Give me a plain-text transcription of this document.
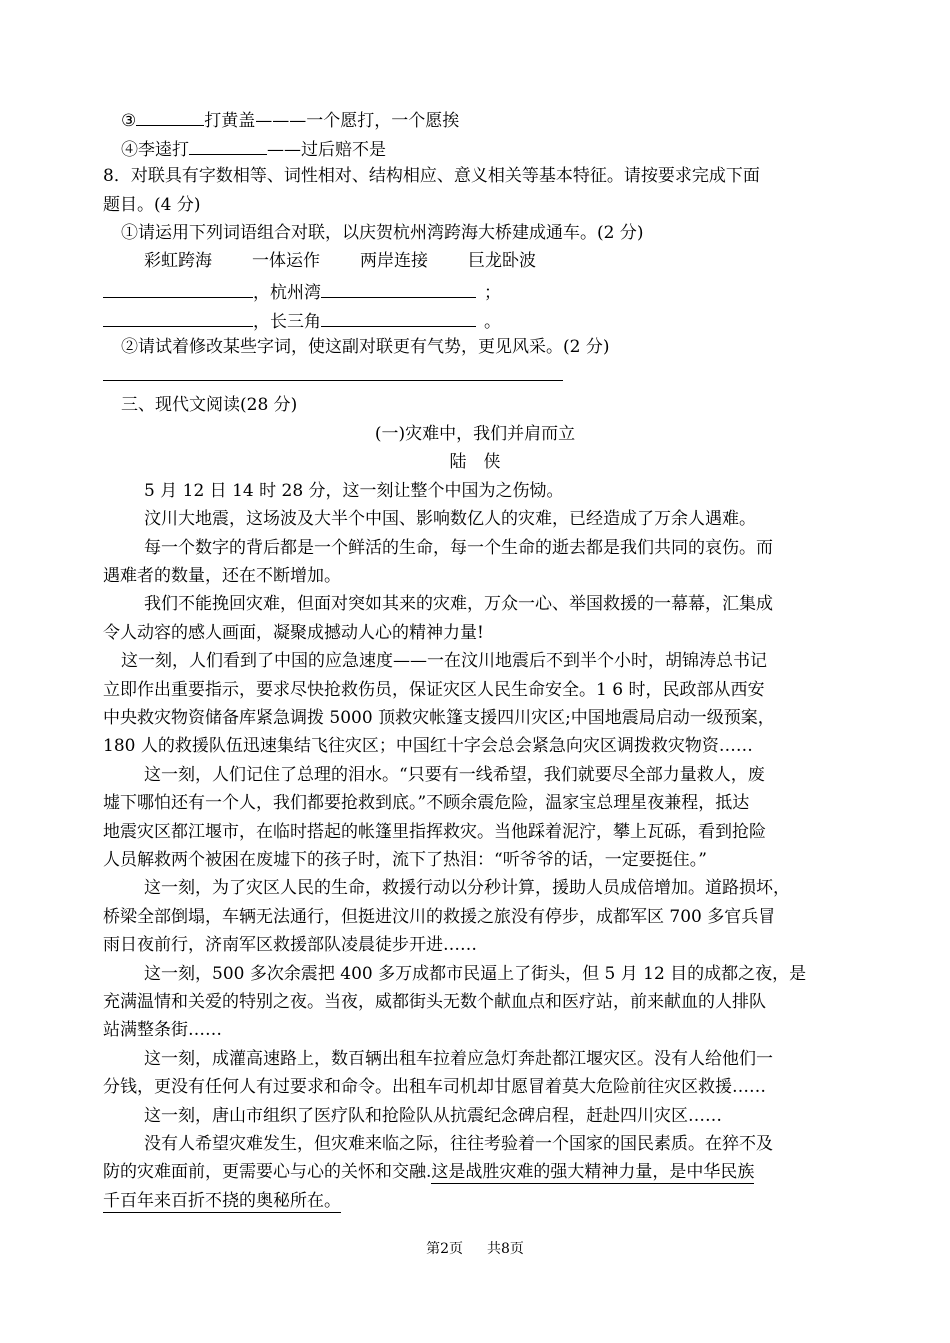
③	打黄盖———一个愿打，一个愿挨
④李逵打	——过后赔不是
8．对联具有字数相等、词性相对、结构相应、意义相关等基本特征。请按要求完成下面
题目。(4 分)
①请运用下列词语组合对联，以庆贺杭州湾跨海大桥建成通车。(2 分)
彩虹跨海 一体运作 两岸连接 巨龙卧波
，杭州湾	；
，长三角	。
②请试着修改某些字词，使这副对联更有气势，更见风采。(2 分)
三、现代文阅读(28 分)
(一)灾难中，我们并肩而立
陆　侠
5 月 12 日 14 时 28 分，这一刻让整个中国为之伤恸。
汶川大地震，这场波及大半个中国、影响数亿人的灾难，已经造成了万余人遇难。
每一个数字的背后都是一个鲜活的生命，每一个生命的逝去都是我们共同的哀伤。而
遇难者的数量，还在不断增加。
我们不能挽回灾难，但面对突如其来的灾难，万众一心、举国救援的一幕幕，汇集成
令人动容的感人画面，凝聚成撼动人心的精神力量!
这一刻，人们看到了中国的应急速度——一在汶川地震后不到半个小时，胡锦涛总书记
立即作出重要指示，要求尽快抢救伤员，保证灾区人民生命安全。1 6 时，民政部从西安
中央救灾物资储备库紧急调拨 5000 顶救灾帐篷支援四川灾区;中国地震局启动一级预案，
180 人的救援队伍迅速集结飞往灾区；中国红十字会总会紧急向灾区调拨救灾物资……
这一刻，人们记住了总理的泪水。“只要有一线希望，我们就要尽全部力量救人，废
墟下哪怕还有一个人，我们都要抢救到底。”不顾余震危险，温家宝总理星夜兼程，抵达
地震灾区都江堰市，在临时搭起的帐篷里指挥救灾。当他踩着泥泞，攀上瓦砾，看到抢险
人员解救两个被困在废墟下的孩子时，流下了热泪：“听爷爷的话，一定要挺住。”
这一刻，为了灾区人民的生命，救援行动以分秒计算，援助人员成倍增加。道路损坏，
桥梁全部倒塌，车辆无法通行，但挺进汶川的救援之旅没有停步，成都军区 700 多官兵冒
雨日夜前行，济南军区救援部队凌晨徒步开进……
这一刻，500 多次余震把 400 多万成都市民逼上了街头，但 5 月 12 目的成都之夜，是
充满温情和关爱的特别之夜。当夜，威都街头无数个献血点和医疗站，前来献血的人排队
站满整条街……
这一刻，成灌高速路上，数百辆出租车拉着应急灯奔赴都江堰灾区。没有人给他们一
分钱，更没有任何人有过要求和命令。出租车司机却甘愿冒着莫大危险前往灾区救援……
这一刻，唐山市组织了医疗队和抢险队从抗震纪念碑启程，赶赴四川灾区……
没有人希望灾难发生，但灾难来临之际，往往考验着一个国家的国民素质。在猝不及
防的灾难面前，更需要心与心的关怀和交融.这是战胜灾难的强大精神力量，是中华民族
千百年来百折不挠的奥秘所在。 
第2页 共8页
